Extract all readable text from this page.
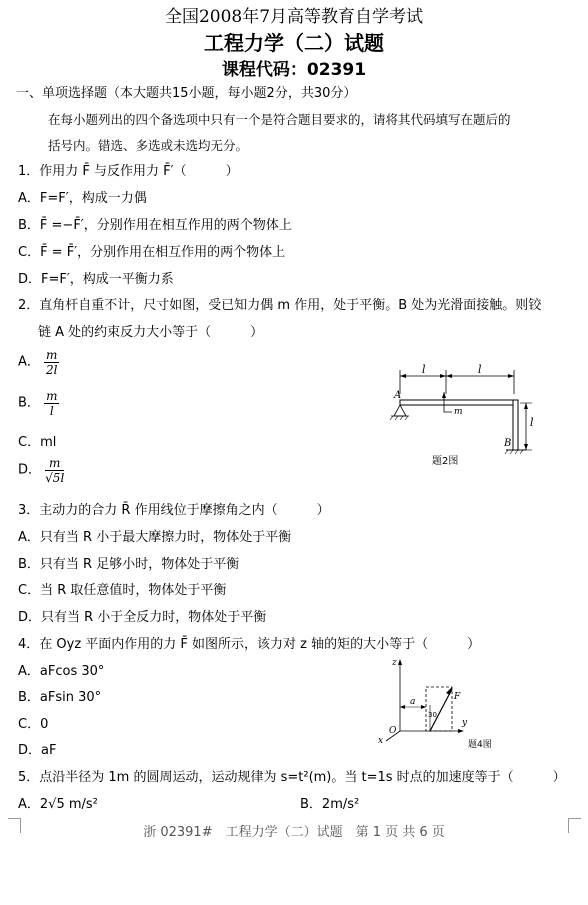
全国2008年7月高等教育自学考试
工程力学（二）试题
课程代码：02391
一、单项选择题（本大题共15小题，每小题2分，共30分）
在每小题列出的四个备选项中只有一个是符合题目要求的，请将其代码填写在题后的
括号内。错选、多选或未选均无分。
1．作用力 F̄ 与反作用力 F̄′（　　　）
A．F=F′，构成一力偶
B．F̄ =−F̄′，分别作用在相互作用的两个物体上
C．F̄ = F̄′，分别作用在相互作用的两个物体上
D．F=F′，构成一平衡力系
2．直角杆自重不计，尺寸如图，受已知力偶 m 作用，处于平衡。B 处为光滑面接触。则铰
链 A 处的约束反力大小等于（　　　）
A． $\frac{m}{2l}$
B． $\frac{m}{l}$
C．ml
D． $\frac{m}{√5l}$
l	l
l
A
B
m
题2图
3．主动力的合力 R̄ 作用线位于摩擦角之内（　　　）
A．只有当 R 小于最大摩擦力时，物体处于平衡
B．只有当 R 足够小时，物体处于平衡
C．当 R 取任意值时，物体处于平衡
D．只有当 R 小于全反力时，物体处于平衡
4．在 Oyz 平面内作用的力 F̄ 如图所示，该力对 z 轴的矩的大小等于（　　　）
A．aFcos 30°
B．aFsin 30°
C．0
D．aF
z
y
x
O
a	F
30
题4图
5．点沿半径为 1m 的圆周运动，运动规律为 s=t²(m)。当 t=1s 时点的加速度等于（　　　）
A．2√5 m/s²	B．2m/s²
浙 02391#　工程力学（二）试题　第 1 页 共 6 页
